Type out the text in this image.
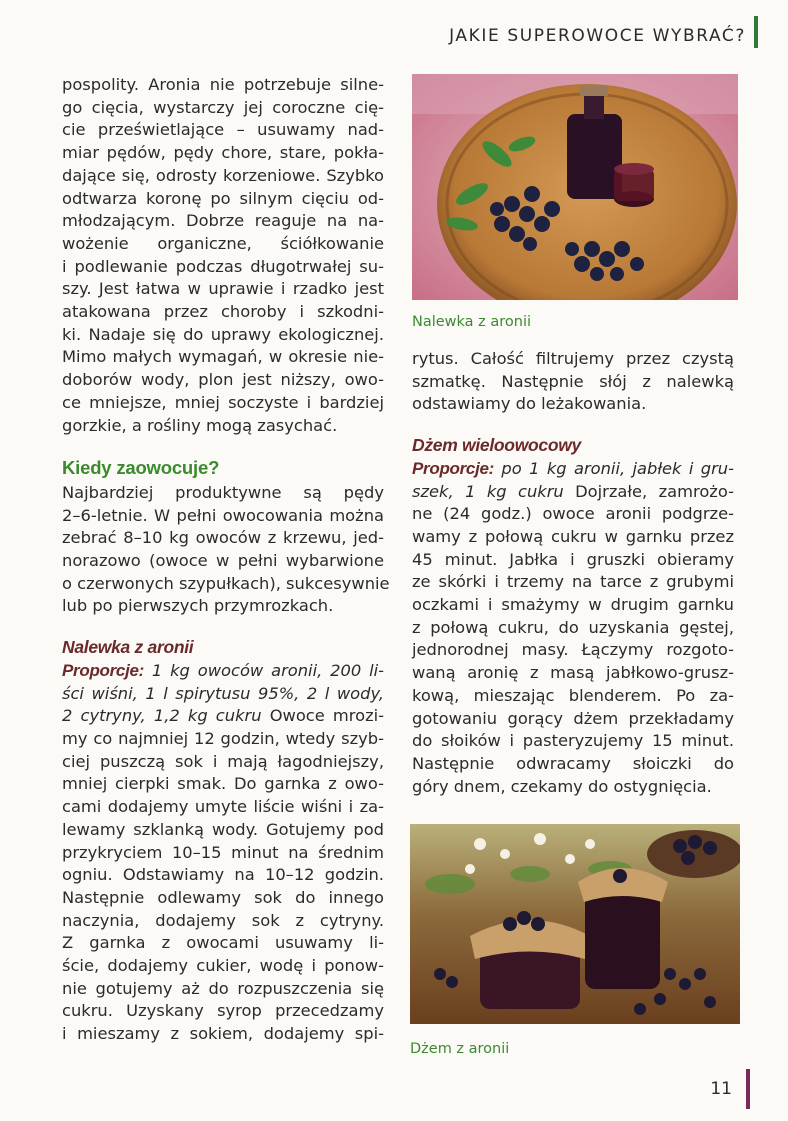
JAKIE SUPEROWOCE WYBRAĆ?

pospolity. Aronia nie potrzebuje silne-

go cięcia, wystarczy jej coroczne cię-

cie prześwietlające – usuwamy nad-

miar pędów, pędy chore, stare, pokła-

dające się, odrosty korzeniowe. Szybko

odtwarza koronę po silnym cięciu od-

młodzającym. Dobrze reaguje na na-

wożenie organiczne, ściółkowanie

i podlewanie podczas długotrwałej su-

szy. Jest łatwa w uprawie i rzadko jest

atakowana przez choroby i szkodni-

ki. Nadaje się do uprawy ekologicznej.

Mimo małych wymagań, w okresie nie-

doborów wody, plon jest niższy, owo-

ce mniejsze, mniej soczyste i bardziej

gorzkie, a rośliny mogą zasychać.

Kiedy zaowocuje?

Najbardziej produktywne są pędy

2–6-letnie. W pełni owocowania można

zebrać 8–10 kg owoców z krzewu, jed-

norazowo (owoce w pełni wybarwione

o czerwonych szypułkach), sukcesywnie

lub po pierwszych przymrozkach.

Nalewka z aronii

Proporcje: 1 kg owoców aronii, 200 li-

ści wiśni, 1 l spirytusu 95%, 2 l wody,

2 cytryny, 1,2 kg cukru Owoce mrozi-

my co najmniej 12 godzin, wtedy szyb-

ciej puszczą sok i mają łagodniejszy,

mniej cierpki smak. Do garnka z owo-

cami dodajemy umyte liście wiśni i za-

lewamy szklanką wody. Gotujemy pod

przykryciem 10–15 minut na średnim

ogniu. Odstawiamy na 10–12 godzin.

Następnie odlewamy sok do innego

naczynia, dodajemy sok z cytryny.

Z garnka z owocami usuwamy li-

ście, dodajemy cukier, wodę i ponow-

nie gotujemy aż do rozpuszczenia się

cukru. Uzyskany syrop przecedzamy

i mieszamy z sokiem, dodajemy spi-

Nalewka z aronii

rytus. Całość filtrujemy przez czystą

szmatkę. Następnie słój z nalewką

odstawiamy do leżakowania.

Dżem wieloowocowy

Proporcje: po 1 kg aronii, jabłek i gru-

szek, 1 kg cukru Dojrzałe, zamrożo-

ne (24 godz.) owoce aronii podgrze-

wamy z połową cukru w garnku przez

45 minut. Jabłka i gruszki obieramy

ze skórki i trzemy na tarce z grubymi

oczkami i smażymy w drugim garnku

z połową cukru, do uzyskania gęstej,

jednorodnej masy. Łączymy rozgoto-

waną aronię z masą jabłkowo-grusz-

kową, mieszając blenderem. Po za-

gotowaniu gorący dżem przekładamy

do słoików i pasteryzujemy 15 minut.

Następnie odwracamy słoiczki do

góry dnem, czekamy do ostygnięcia.

Dżem z aronii
11
